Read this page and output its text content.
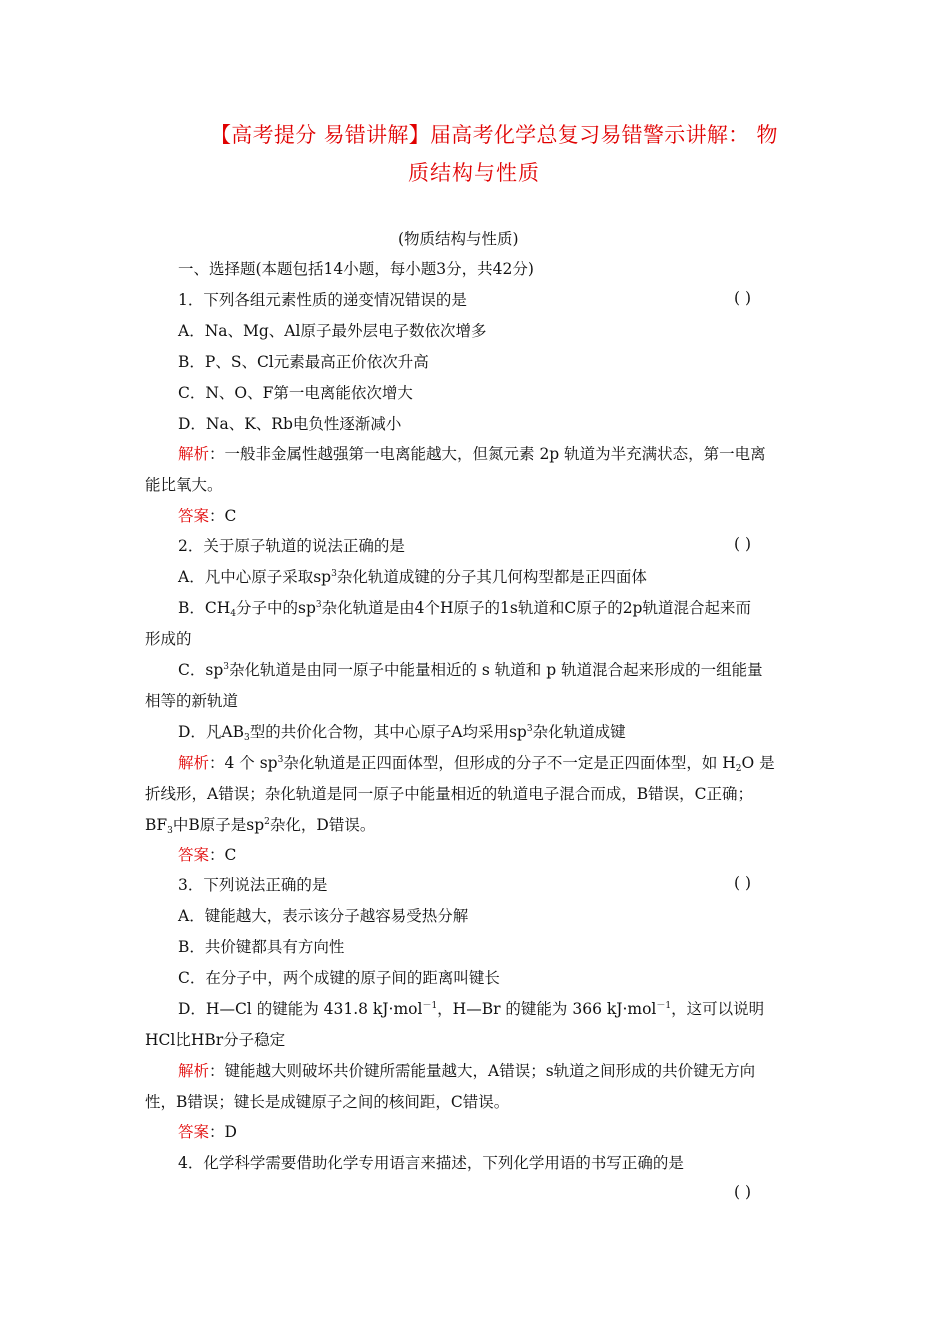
【高考提分 易错讲解】届高考化学总复习易错警示讲解： 物
质结构与性质
(物质结构与性质)
一、选择题(本题包括14小题，每小题3分，共42分)
1．下列各组元素性质的递变情况错误的是	( )
A．Na、Mg、Al原子最外层电子数依次增多
B．P、S、Cl元素最高正价依次升高
C．N、O、F第一电离能依次增大
D．Na、K、Rb电负性逐渐减小
解析：一般非金属性越强第一电离能越大，但氮元素 2p 轨道为半充满状态，第一电离
能比氧大。
答案：C
2．关于原子轨道的说法正确的是	( )
A．凡中心原子采取$sp^3$杂化轨道成键的分子其几何构型都是正四面体
B．$CH_4$分子中的$sp^3$杂化轨道是由4个H原子的1s轨道和C原子的2p轨道混合起来而
形成的
C．$sp^3$杂化轨道是由同一原子中能量相近的 s 轨道和 p 轨道混合起来形成的一组能量
相等的新轨道
D．凡$AB_3$型的共价化合物，其中心原子A均采用$sp^3$杂化轨道成键
解析：4 个 $sp^3$杂化轨道是正四面体型，但形成的分子不一定是正四面体型，如 $H_2O$ 是
折线形，A错误；杂化轨道是同一原子中能量相近的轨道电子混合而成，B错误，C正确；
$BF_3$中B原子是$sp^2$杂化，D错误。
答案：C
3．下列说法正确的是	( )
A．键能越大，表示该分子越容易受热分解
B．共价键都具有方向性
C．在分子中，两个成键的原子间的距离叫键长
D．H—Cl 的键能为 431.8 kJ·mol$^{-1}$，H—Br 的键能为 366 kJ·mol$^{-1}$，这可以说明
HCl比HBr分子稳定
解析：键能越大则破坏共价键所需能量越大，A错误；s轨道之间形成的共价键无方向
性，B错误；键长是成键原子之间的核间距，C错误。
答案：D
4．化学科学需要借助化学专用语言来描述，下列化学用语的书写正确的是
( )
